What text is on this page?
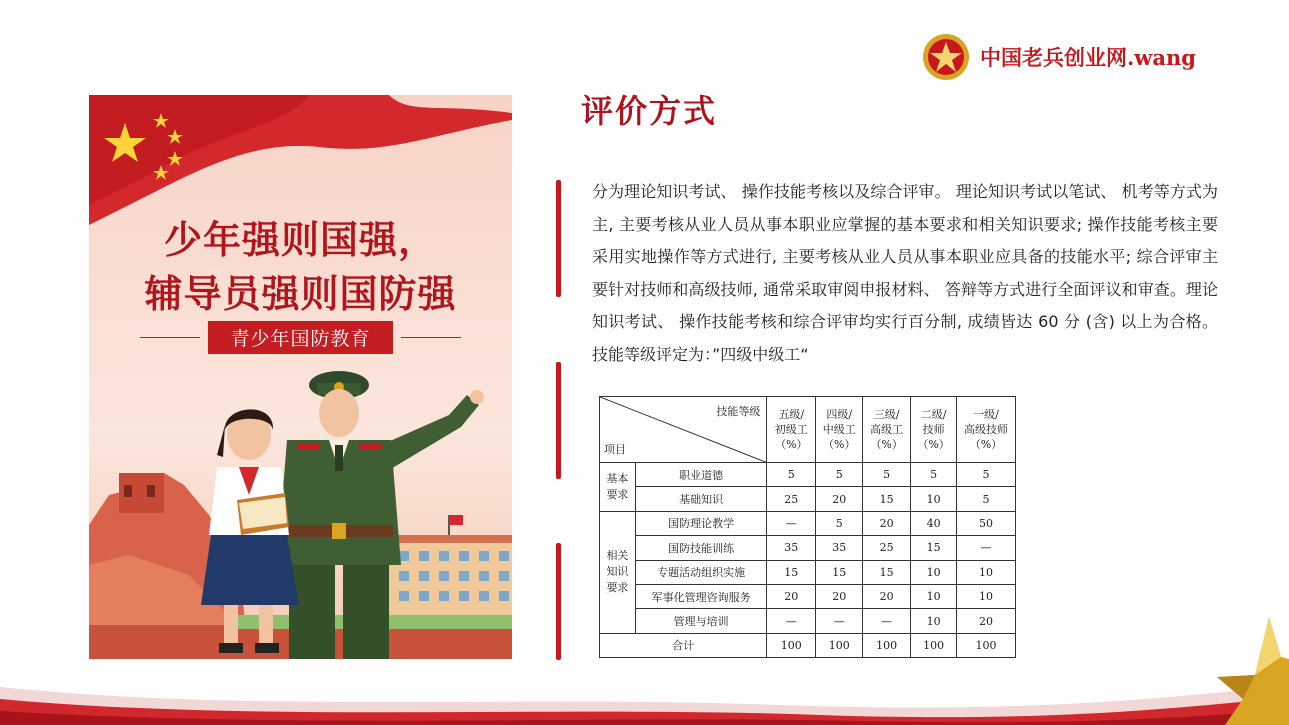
中国老兵创业网.wang
少年强则国强，
辅导员强则国防强
青少年国防教育
评价方式
分为理论知识考试、 操作技能考核以及综合评审。 理论知识考试以笔试、 机考等方式为主, 主要考核从业人员从事本职业应掌握的基本要求和相关知识要求; 操作技能考核主要采用实地操作等方式进行, 主要考核从业人员从事本职业应具备的技能水平; 综合评审主要针对技师和高级技师, 通常采取审阅申报材料、 答辩等方式进行全面评议和审查。理论知识考试、 操作技能考核和综合评审均实行百分制, 成绩皆达 60 分 (含) 以上为合格。技能等级评定为：”四级中级工“
技能等级
项目		五级/
初级工
（%）	四级/
中级工
（%）	三级/
高级工
（%）	二级/
技师
（%）	一级/
高级技师
（%）

基本
要求	职业道德	5	5	5	5	5
	基础知识	25	20	15	10	5

相关
知识
要求	国防理论教学	—	5	20	40	50
	国防技能训练	35	35	25	15	—
	专题活动组织实施	15	15	15	10	10
	军事化管理咨询服务	20	20	20	10	10
	管理与培训	—	—	—	10	20
合计		100	100	100	100	100
